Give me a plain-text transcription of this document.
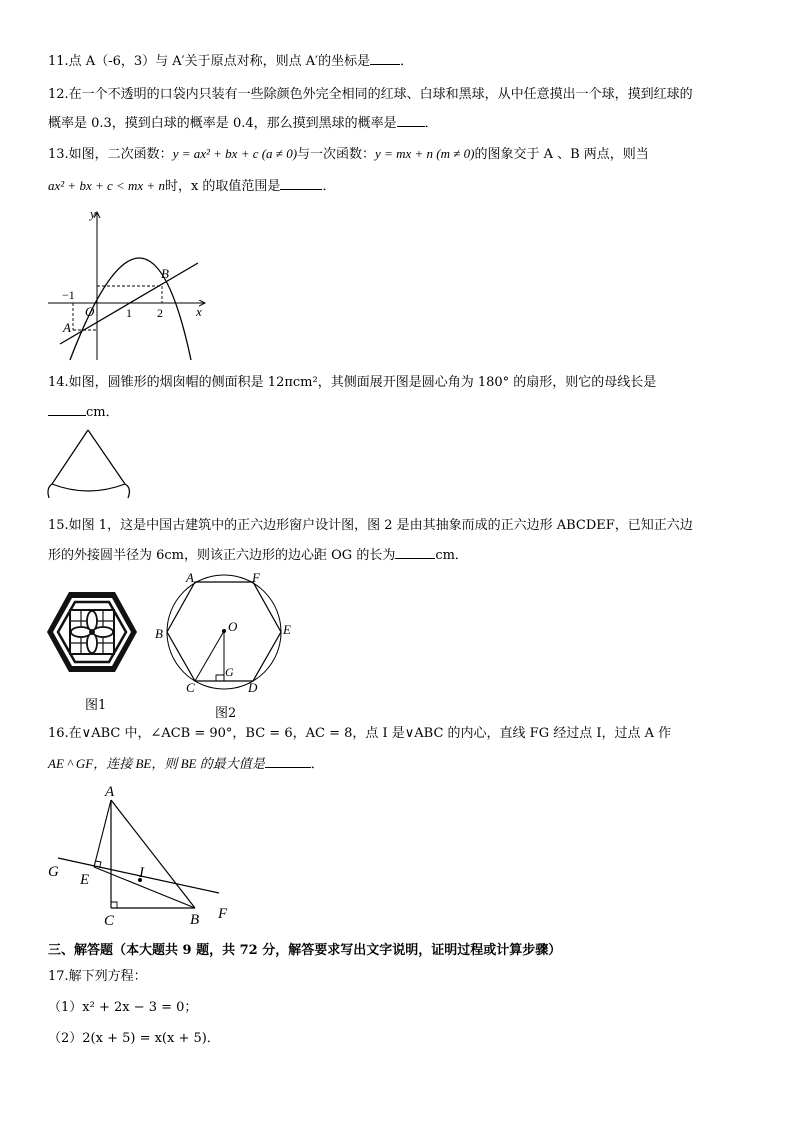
11.点 A（-6，3）与 A′关于原点对称，则点 A′的坐标是 ．
12.在一个不透明的口袋内只装有一些除颜色外完全相同的红球、白球和黑球，从中任意摸出一个球，摸到红球的
概率是 0.3，摸到白球的概率是 0.4，那么摸到黑球的概率是 ．
13.如图，二次函数：y = ax² + bx + c (a ≠ 0)与一次函数：y = mx + n (m ≠ 0)的图象交于 A 、B 两点，则当
ax² + bx + c < mx + n时，x 的取值范围是	．
y
x
O
−1
1 2
A
B
14.如图，圆锥形的烟囱帽的侧面积是 12πcm²，其侧面展开图是圆心角为 180° 的扇形，则它的母线长是
cm．
15.如图 1，这是中国古建筑中的正六边形窗户设计图，图 2 是由其抽象而成的正六边形 ABCDEF，已知正六边
形的外接圆半径为 6cm，则该正六边形的边心距 OG 的长为	cm．
图1
A	F
B	E
C	D
O
G
图2
16.在∨ABC 中，∠ACB = 90°，BC = 6，AC = 8，点 I 是∨ABC 的内心，直线 FG 经过点 I，过点 A 作
AE ^ GF，连接 BE，则 BE 的最大值是	．
A
G E	I
C	B F
三、解答题（本大题共 9 题，共 72 分，解答要求写出文字说明，证明过程或计算步骤）
17.解下列方程：
（1）x² + 2x − 3 = 0；
（2）2(x + 5) = x(x + 5)．
